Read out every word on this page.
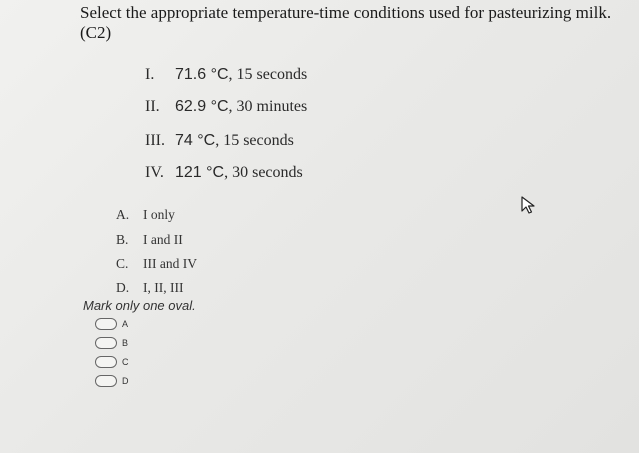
Select the appropriate temperature-time conditions used for pasteurizing milk. (C2)
I. 71.6 °C, 15 seconds
II. 62.9 °C, 30 minutes
III. 74 °C, 15 seconds
IV. 121 °C, 30 seconds
A. I only
B. I and II
C. III and IV
D. I, II, III
Mark only one oval.
A
B
C
D
